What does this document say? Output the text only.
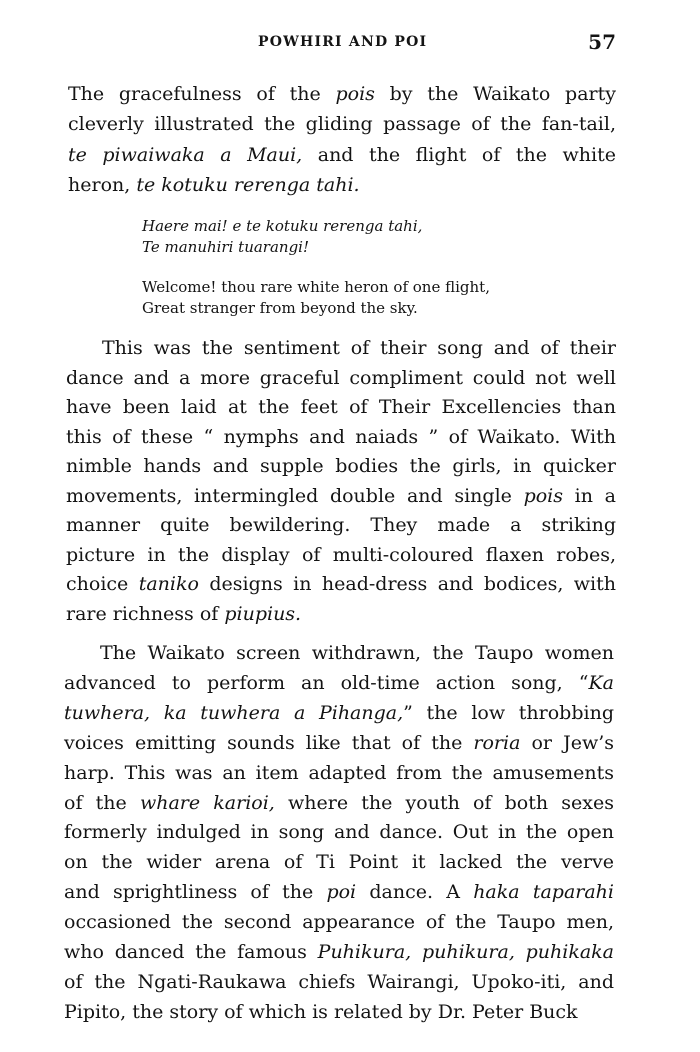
POWHIRI AND POI	57
The gracefulness of the pois by the Waikato party
cleverly illustrated the gliding passage of the fan-tail,
te piwaiwaka a Maui, and the flight of the white
heron, te kotuku rerenga tahi.
Haere mai! e te kotuku rerenga tahi,
Te manuhiri tuarangi!
Welcome! thou rare white heron of one flight,
Great stranger from beyond the sky.
This was the sentiment of their song and of their
dance and a more graceful compliment could not well
have been laid at the feet of Their Excellencies than
this of these “ nymphs and naiads ” of Waikato. With
nimble hands and supple bodies the girls, in quicker
movements, intermingled double and single pois in a
manner quite bewildering. They made a striking
picture in the display of multi-coloured flaxen robes,
choice taniko designs in head-dress and bodices, with
rare richness of piupius.
The Waikato screen withdrawn, the Taupo women
advanced to perform an old-time action song, “Ka
tuwhera, ka tuwhera a Pihanga,” the low throbbing
voices emitting sounds like that of the roria or Jew’s
harp. This was an item adapted from the amusements
of the whare karioi, where the youth of both sexes
formerly indulged in song and dance. Out in the open
on the wider arena of Ti Point it lacked the verve
and sprightliness of the poi dance. A haka taparahi
occasioned the second appearance of the Taupo men,
who danced the famous Puhikura, puhikura, puhikaka
of the Ngati-Raukawa chiefs Wairangi, Upoko-iti, and
Pipito, the story of which is related by Dr. Peter Buck
